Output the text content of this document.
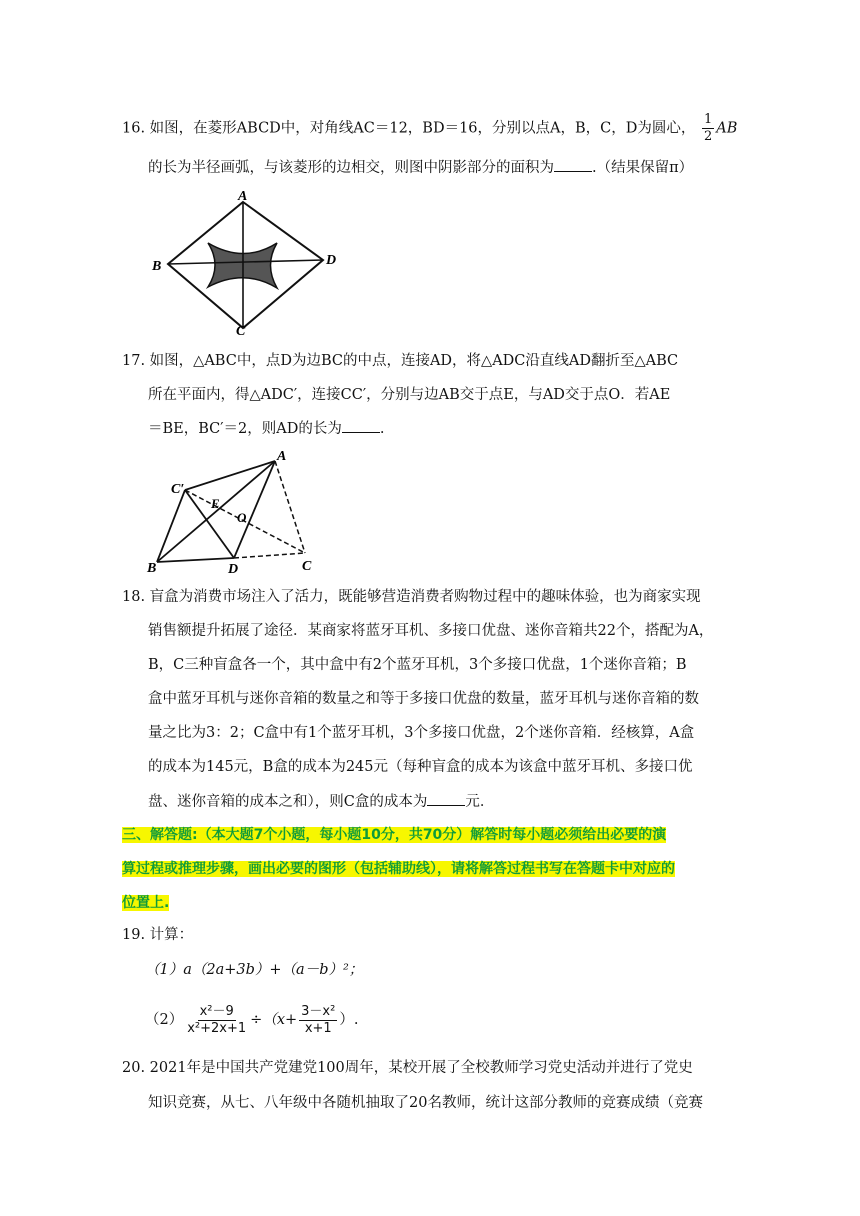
16. 如图，在菱形ABCD中，对角线AC＝12，BD＝16，分别以点A，B，C，D为圆心， $\frac{1}{2}$ AB
的长为半径画弧，与该菱形的边相交，则图中阴影部分的面积为	.（结果保留π）
A
B	D
C
17. 如图，△ABC中，点D为边BC的中点，连接AD，将△ADC沿直线AD翻折至△ABC
所在平面内，得△ADC′，连接CC′，分别与边AB交于点E，与AD交于点O．若AE
＝BE，BC′＝2，则AD的长为	.
A
C′
E
O
B	D	C
18. 盲盒为消费市场注入了活力，既能够营造消费者购物过程中的趣味体验，也为商家实现
销售额提升拓展了途径．某商家将蓝牙耳机、多接口优盘、迷你音箱共22个，搭配为A，
B，C三种盲盒各一个，其中盒中有2个蓝牙耳机，3个多接口优盘，1个迷你音箱；B
盒中蓝牙耳机与迷你音箱的数量之和等于多接口优盘的数量，蓝牙耳机与迷你音箱的数
量之比为3：2；C盒中有1个蓝牙耳机，3个多接口优盘，2个迷你音箱．经核算，A盒
的成本为145元，B盒的成本为245元（每种盲盒的成本为该盒中蓝牙耳机、多接口优
盘、迷你音箱的成本之和），则C盒的成本为	元．
三、解答题:（本大题7个小题，每小题10分，共70分）解答时每小题必须给出必要的演
算过程或推理步骤，画出必要的图形（包括辅助线），请将解答过程书写在答题卡中对应的
位置上.
19. 计算：
（1）a（2a+3b）+（a－b）²；
$(2) \frac{\text{x²－9}}{\text{x²+2x+1}} \div(x+ \frac{\text{3－x²}}{x+1}$ ）.
20. 2021年是中国共产党建党100周年，某校开展了全校教师学习党史活动并进行了党史
知识竞赛，从七、八年级中各随机抽取了20名教师，统计这部分教师的竞赛成绩（竞赛
